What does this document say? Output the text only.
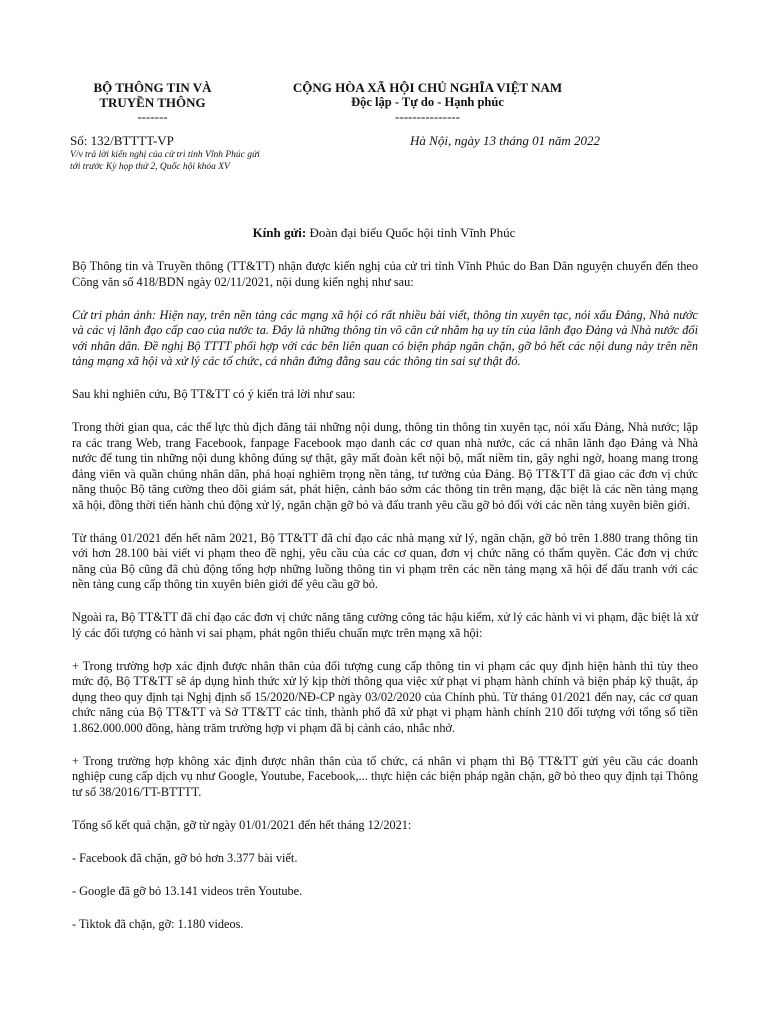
BỘ THÔNG TIN VÀ
TRUYỀN THÔNG
-------
CỘNG HÒA XÃ HỘI CHỦ NGHĨA VIỆT NAM
Độc lập - Tự do - Hạnh phúc
---------------
Số: 132/BTTTT-VP
V/v trả lời kiến nghị của cử tri tỉnh Vĩnh Phúc gửi tới trước Kỳ họp thứ 2, Quốc hội khóa XV
Hà Nội, ngày 13 tháng 01 năm 2022
Kính gửi: Đoàn đại biểu Quốc hội tỉnh Vĩnh Phúc

Bộ Thông tin và Truyền thông (TT&TT) nhận được kiến nghị của cử tri tỉnh Vĩnh Phúc do Ban Dân nguyện chuyển đến theo Công văn số 418/BDN ngày 02/11/2021, nội dung kiến nghị như sau:

Cử tri phản ánh: Hiện nay, trên nền tảng các mạng xã hội có rất nhiều bài viết, thông tin xuyên tạc, nói xấu Đảng, Nhà nước và các vị lãnh đạo cấp cao của nước ta. Đây là những thông tin vô căn cứ nhằm hạ uy tín của lãnh đạo Đảng và Nhà nước đối với nhân dân. Đề nghị Bộ TTTT phối hợp với các bên liên quan có biện pháp ngăn chặn, gỡ bỏ hết các nội dung này trên nền tảng mạng xã hội và xử lý các tổ chức, cá nhân đứng đằng sau các thông tin sai sự thật đó.

Sau khi nghiên cứu, Bộ TT&TT có ý kiến trả lời như sau:

Trong thời gian qua, các thế lực thù địch đăng tải những nội dung, thông tin thông tin xuyên tạc, nói xấu Đảng, Nhà nước; lập ra các trang Web, trang Facebook, fanpage Facebook mạo danh các cơ quan nhà nước, các cá nhân lãnh đạo Đảng và Nhà nước để tung tin những nội dung không đúng sự thật, gây mất đoàn kết nội bộ, mất niềm tin, gây nghi ngờ, hoang mang trong đảng viên và quần chúng nhân dân, phá hoại nghiêm trọng nền tảng, tư tưởng của Đảng. Bộ TT&TT đã giao các đơn vị chức năng thuộc Bộ tăng cường theo dõi giám sát, phát hiện, cảnh báo sớm các thông tin trên mạng, đặc biệt là các nền tảng mạng xã hội, đồng thời tiến hành chủ động xử lý, ngăn chặn gỡ bỏ và đấu tranh yêu cầu gỡ bỏ đối với các nền tảng xuyên biên giới.

Từ tháng 01/2021 đến hết năm 2021, Bộ TT&TT đã chỉ đạo các nhà mạng xử lý, ngăn chặn, gỡ bỏ trên 1.880 trang thông tin với hơn 28.100 bài viết vi phạm theo đề nghị, yêu cầu của các cơ quan, đơn vị chức năng có thẩm quyền. Các đơn vị chức năng của Bộ cũng đã chủ động tổng hợp những luồng thông tin vi phạm trên các nền tảng mạng xã hội để đấu tranh với các nền tảng cung cấp thông tin xuyên biên giới để yêu cầu gỡ bỏ.

Ngoài ra, Bộ TT&TT đã chỉ đạo các đơn vị chức năng tăng cường công tác hậu kiểm, xử lý các hành vi vi phạm, đặc biệt là xử lý các đối tượng có hành vi sai phạm, phát ngôn thiếu chuẩn mực trên mạng xã hội:

+ Trong trường hợp xác định được nhân thân của đối tượng cung cấp thông tin vi phạm các quy định hiện hành thì tùy theo mức độ, Bộ TT&TT sẽ áp dụng hình thức xử lý kịp thời thông qua việc xử phạt vi phạm hành chính và biện pháp kỹ thuật, áp dụng theo quy định tại Nghị định số 15/2020/NĐ-CP ngày 03/02/2020 của Chính phủ. Từ tháng 01/2021 đến nay, các cơ quan chức năng của Bộ TT&TT và Sở TT&TT các tỉnh, thành phố đã xử phạt vi phạm hành chính 210 đối tượng với tổng số tiền 1.862.000.000 đồng, hàng trăm trường hợp vi phạm đã bị cảnh cáo, nhắc nhở.

+ Trong trường hợp không xác định được nhân thân của tổ chức, cá nhân vi phạm thì Bộ TT&TT gửi yêu cầu các doanh nghiệp cung cấp dịch vụ như Google, Youtube, Facebook,... thực hiện các biện pháp ngăn chặn, gỡ bỏ theo quy định tại Thông tư số 38/2016/TT-BTTTT.

Tổng số kết quả chặn, gỡ từ ngày 01/01/2021 đến hết tháng 12/2021:

- Facebook đã chặn, gỡ bỏ hơn 3.377 bài viết.

- Google đã gỡ bỏ 13.141 videos trên Youtube.

- Tiktok đã chặn, gỡ: 1.180 videos.
